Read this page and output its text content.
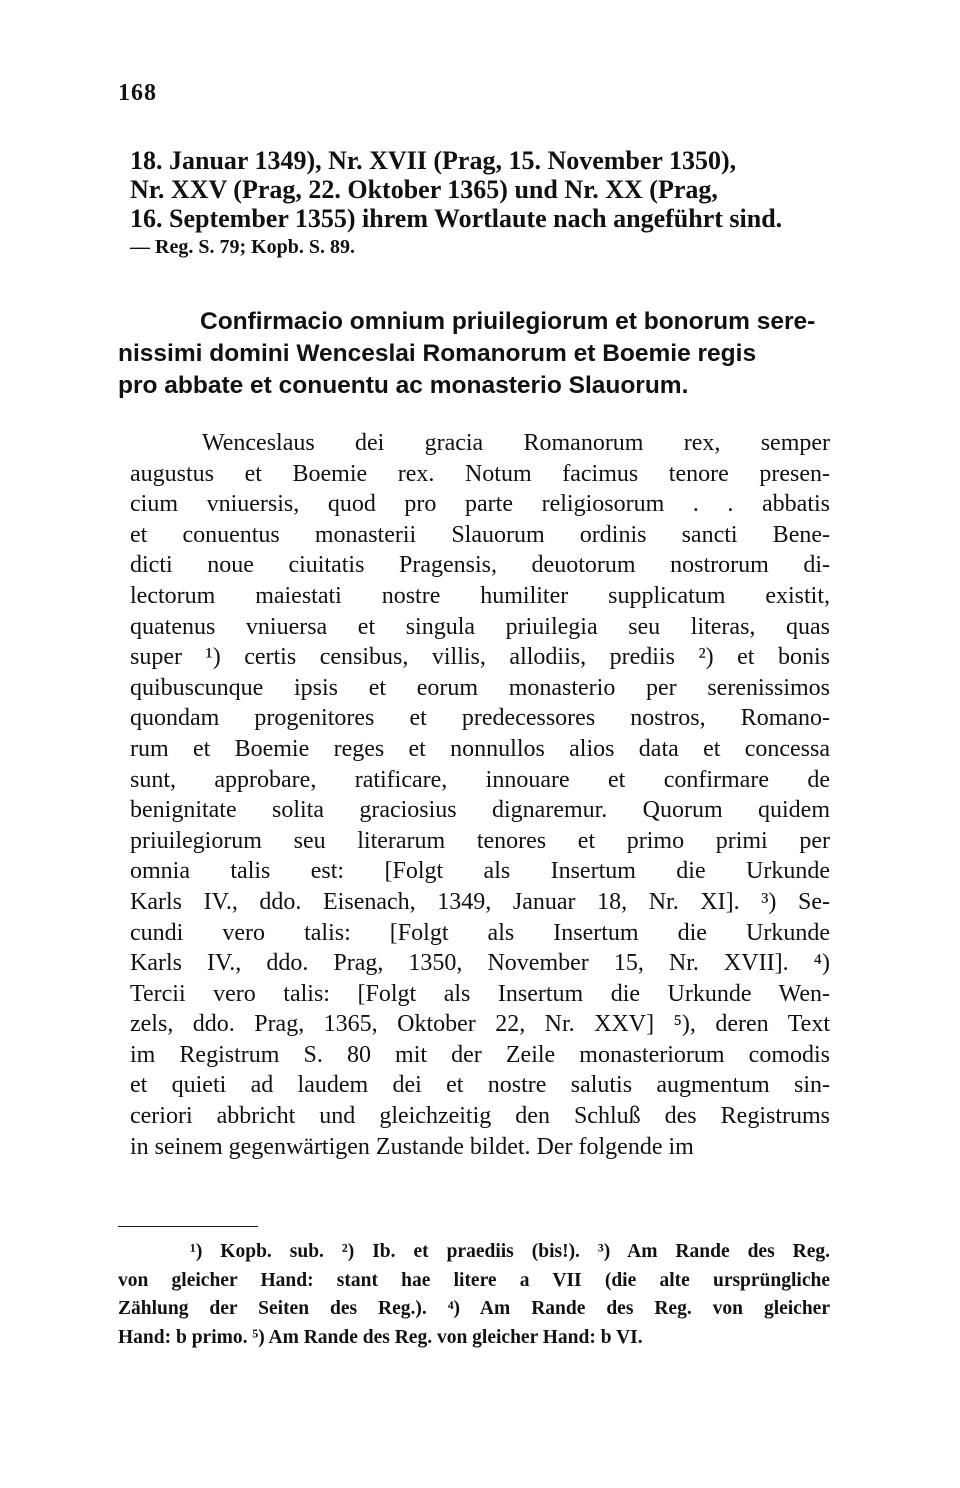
168
18. Januar 1349), Nr. XVII (Prag, 15. November 1350),
Nr. XXV (Prag, 22. Oktober 1365) und Nr. XX (Prag,
16. September 1355) ihrem Wortlaute nach angeführt sind.
— Reg. S. 79; Kopb. S. 89.
Confirmacio omnium priuilegiorum et bonorum sere-
nissimi domini Wenceslai Romanorum et Boemie regis
pro abbate et conuentu ac monasterio Slauorum.
Wenceslaus dei gracia Romanorum rex, semper
augustus et Boemie rex. Notum facimus tenore presen-
cium vniuersis, quod pro parte religiosorum . . abbatis
et conuentus monasterii Slauorum ordinis sancti Bene-
dicti noue ciuitatis Pragensis, deuotorum nostrorum di-
lectorum maiestati nostre humiliter supplicatum existit,
quatenus vniuersa et singula priuilegia seu literas, quas
super ¹) certis censibus, villis, allodiis, prediis ²) et bonis
quibuscunque ipsis et eorum monasterio per serenissimos
quondam progenitores et predecessores nostros, Romano-
rum et Boemie reges et nonnullos alios data et concessa
sunt, approbare, ratificare, innouare et confirmare de
benignitate solita graciosius dignaremur. Quorum quidem
priuilegiorum seu literarum tenores et primo primi per
omnia talis est: [Folgt als Insertum die Urkunde
Karls IV., ddo. Eisenach, 1349, Januar 18, Nr. XI]. ³) Se-
cundi vero talis: [Folgt als Insertum die Urkunde
Karls IV., ddo. Prag, 1350, November 15, Nr. XVII]. ⁴)
Tercii vero talis: [Folgt als Insertum die Urkunde Wen-
zels, ddo. Prag, 1365, Oktober 22, Nr. XXV] ⁵), deren Text
im Registrum S. 80 mit der Zeile monasteriorum comodis
et quieti ad laudem dei et nostre salutis augmentum sin-
ceriori abbricht und gleichzeitig den Schluß des Registrums
in seinem gegenwärtigen Zustande bildet. Der folgende im
¹) Kopb. sub. ²) Ib. et praediis (bis!). ³) Am Rande des Reg.
von gleicher Hand: stant hae litere a VII (die alte ursprüngliche
Zählung der Seiten des Reg.). ⁴) Am Rande des Reg. von gleicher
Hand: b primo. ⁵) Am Rande des Reg. von gleicher Hand: b VI.
